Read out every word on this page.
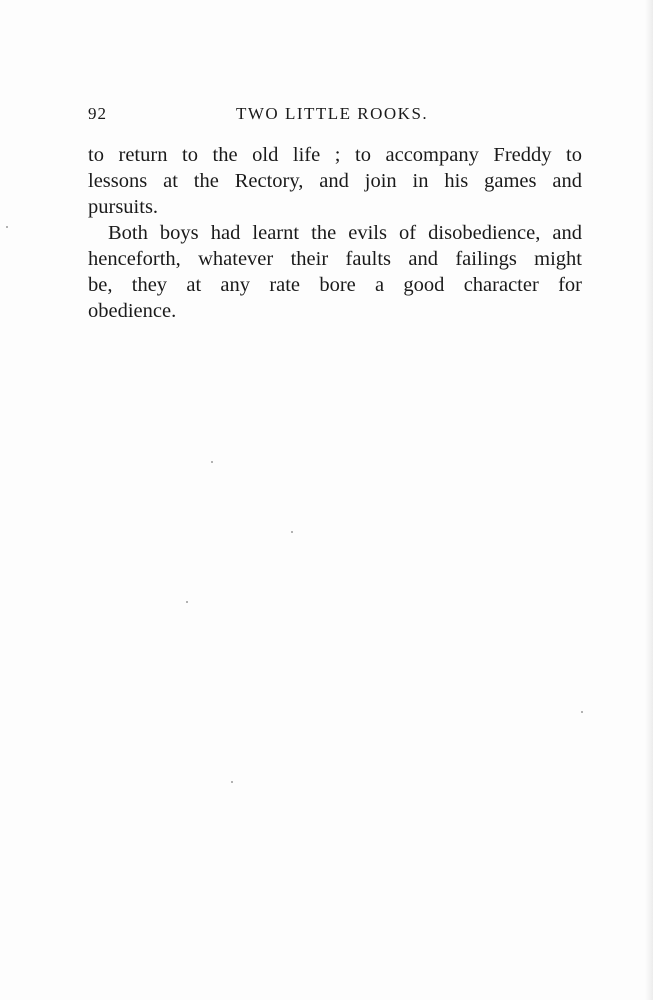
92	TWO LITTLE ROOKS.
to return to the old life ; to accompany Freddy to
lessons at the Rectory, and join in his games and
pursuits.
Both boys had learnt the evils of disobedience, and
henceforth, whatever their faults and failings might
be, they at any rate bore a good character for
obedience.
